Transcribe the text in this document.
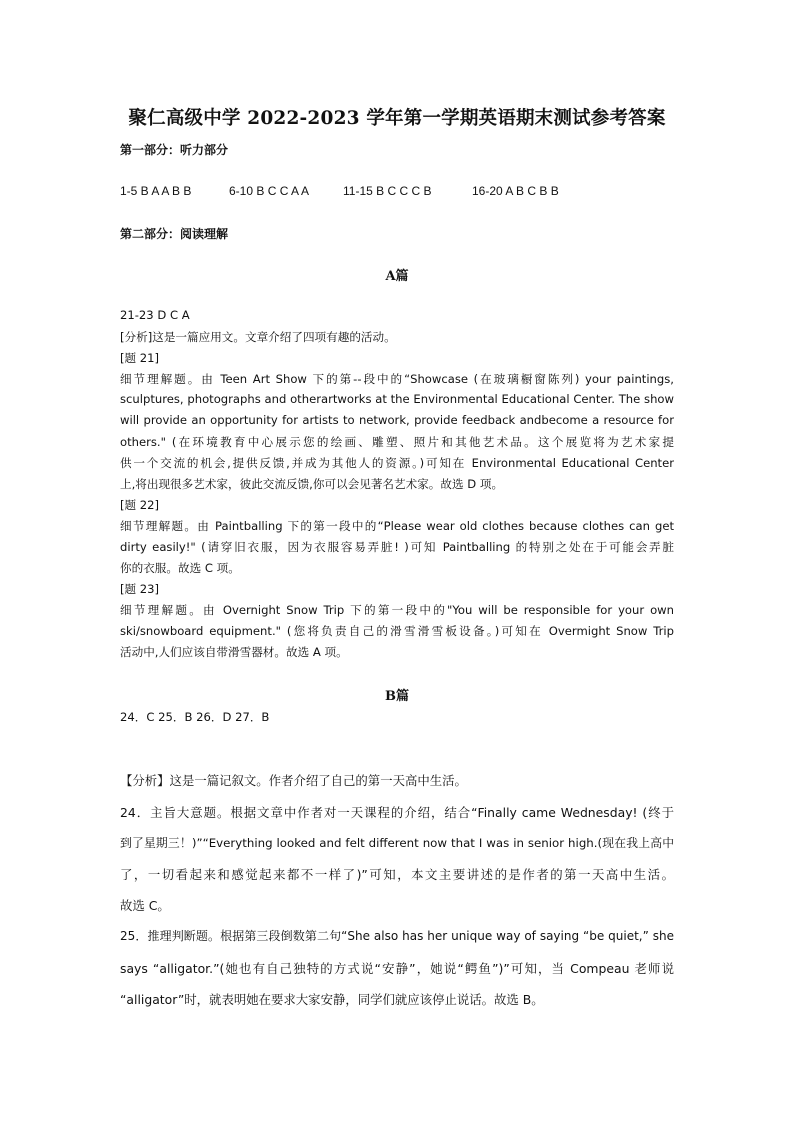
聚仁高级中学 2022-2023 学年第一学期英语期末测试参考答案
第一部分：听力部分
1-5 B A A B B	6-10 B C C A A	11-15 B C C C B	16-20 A B C B B
第二部分：阅读理解
A篇
21-23 D C A
[分析]这是一篇应用文。文章介绍了四项有趣的活动。
[题 21]
细节理解题。由 Teen Art Show 下的第--段中的“Showcase (在玻璃橱窗陈列) your paintings,
sculptures, photographs and otherartworks at the Environmental Educational Center. The show
will provide an opportunity for artists to network, provide feedback andbecome a resource for
others." (在环境教育中心展示您的绘画、雕塑、照片和其他艺术品。这个展览将为艺术家提
供一个交流的机会,提供反馈,并成为其他人的资源。)可知在 Environmental Educational Center
上,将出现很多艺术家，彼此交流反馈,你可以会见著名艺术家。故选 D 项。
[题 22]
细节理解题。由 Paintballing 下的第一段中的“Please wear old clothes because clothes can get
dirty easily!" (请穿旧衣服，因为衣服容易弄脏! )可知 Paintballing 的特别之处在于可能会弄脏
你的衣服。故选 C 项。
[题 23]
细节理解题。由 Overnight Snow Trip 下的第一段中的"You will be responsible for your own
ski/snowboard equipment." (您将负责自己的滑雪滑雪板设备。)可知在 Overmight Snow Trip
活动中,人们应该自带滑雪器材。故选 A 项。
B篇
24．C 25．B 26．D 27．B
【分析】这是一篇记叙文。作者介绍了自己的第一天高中生活。
24．主旨大意题。根据文章中作者对一天课程的介绍，结合“Finally came Wednesday! (终于
到了星期三！)”“Everything looked and felt different now that I was in senior high.(现在我上高中
了，一切看起来和感觉起来都不一样了)”可知，本文主要讲述的是作者的第一天高中生活。
故选 C。
25．推理判断题。根据第三段倒数第二句“She also has her unique way of saying “be quiet,” she
says “alligator.”(她也有自己独特的方式说“安静”，她说“鳄鱼”)”可知，当 Compeau 老师说
“alligator”时，就表明她在要求大家安静，同学们就应该停止说话。故选 B。
